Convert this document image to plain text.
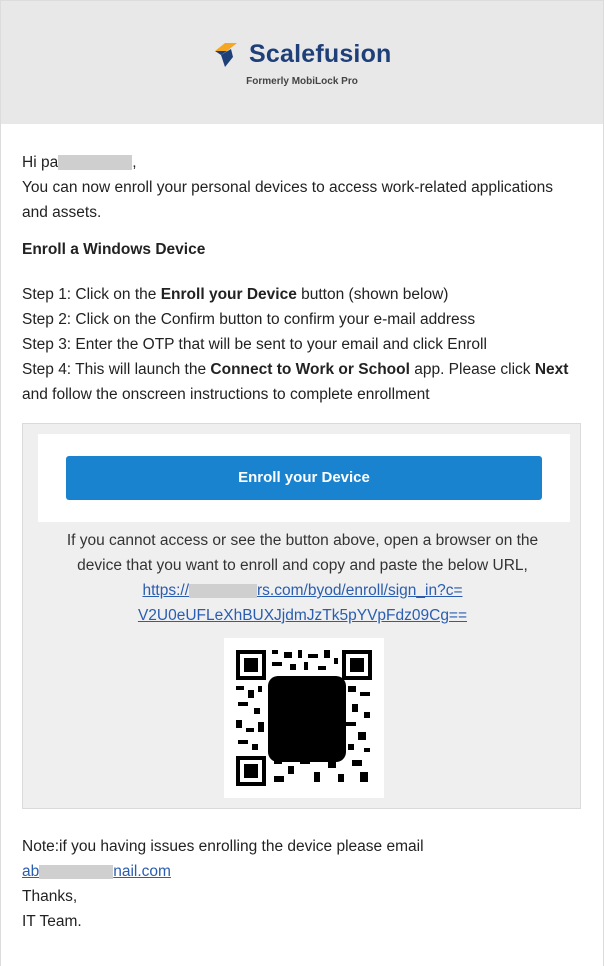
Scalefusion
Formerly MobiLock Pro
Hi pa	,
You can now enroll your personal devices to access work-related applications and assets.
Enroll a Windows Device
Step 1: Click on the Enroll your Device button (shown below)
Step 2: Click on the Confirm button to confirm your e-mail address
Step 3: Enter the OTP that will be sent to your email and click Enroll
Step 4: This will launch the Connect to Work or School app. Please click Next and follow the onscreen instructions to complete enrollment
Enroll your Device
If you cannot access or see the button above, open a browser on the
device that you want to enroll and copy and paste the below URL,
https://	rs.com/byod/enroll/sign_in?c=
V2U0eUFLeXhBUXJjdmJzTk5pYVpFdz09Cg==
Note:if you having issues enrolling the device please email
ab	nail.com
Thanks,
IT Team.
